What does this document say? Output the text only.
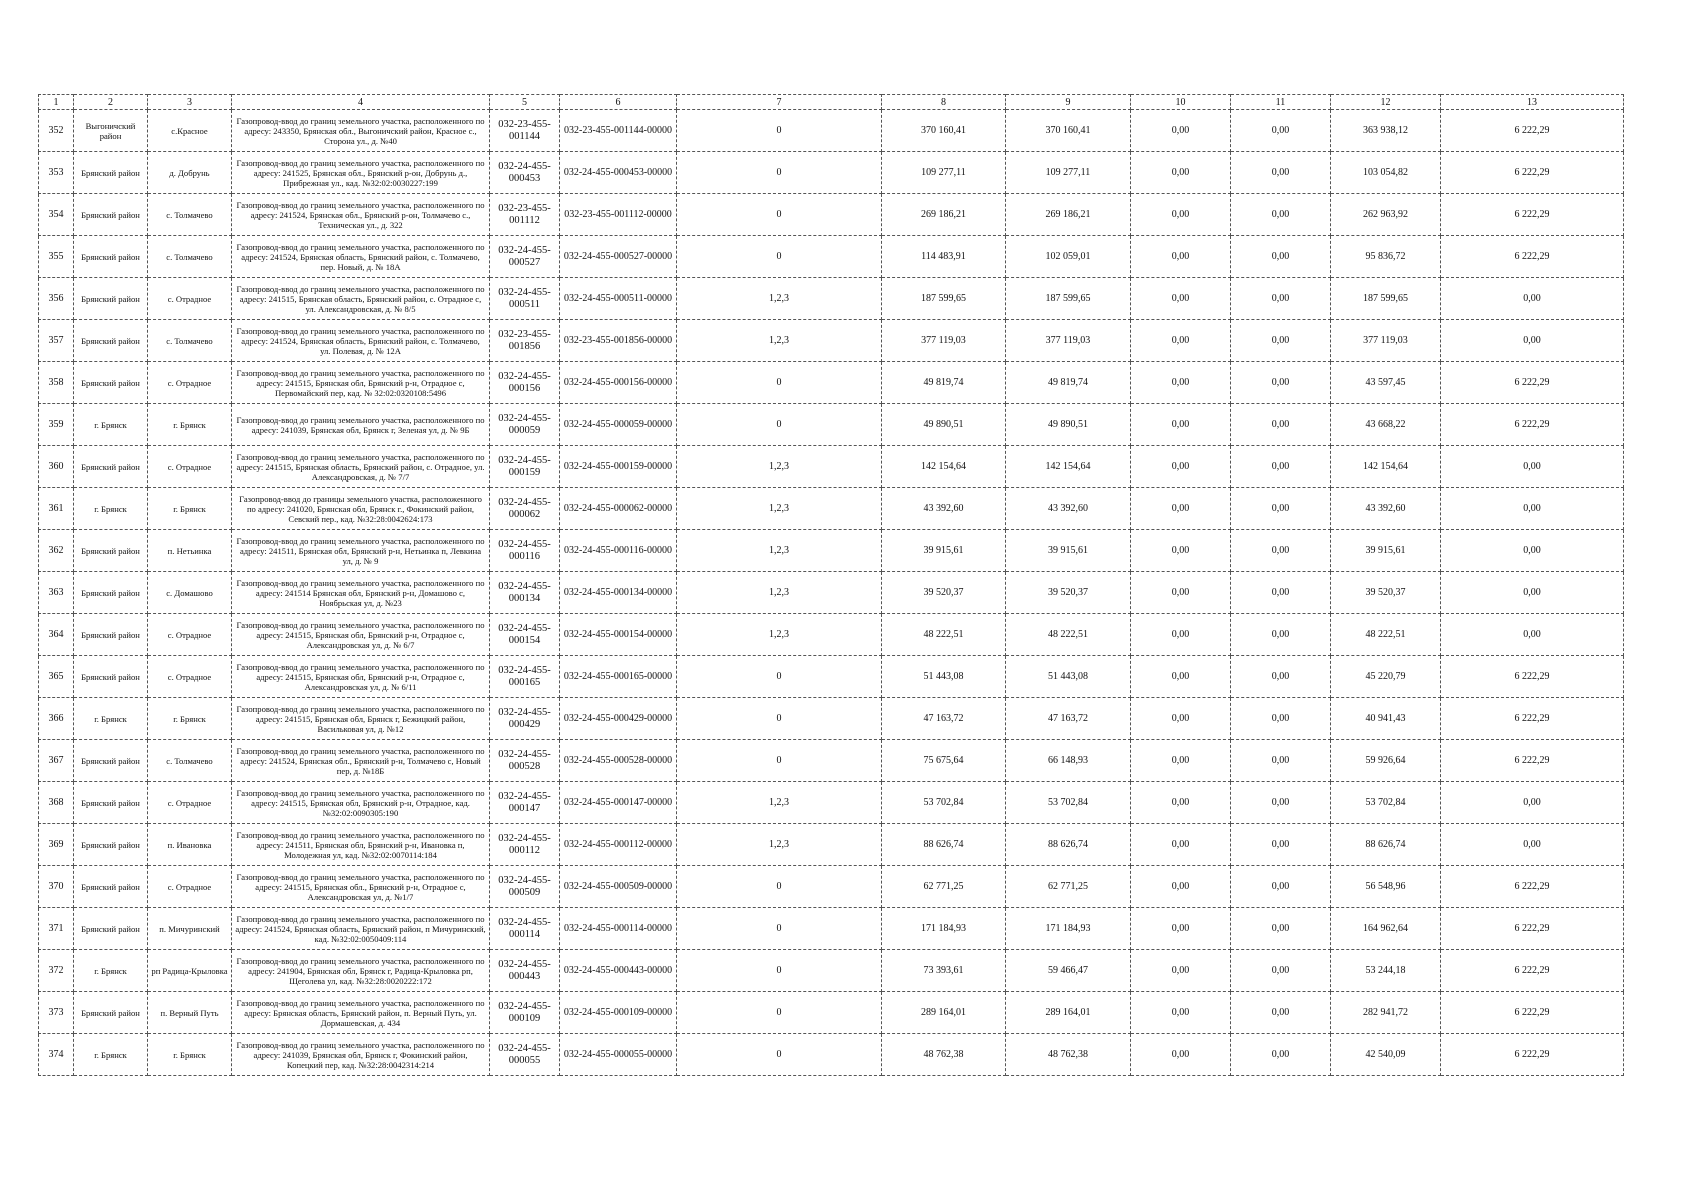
1	2	3	4	5	6	7	8	9	10	11	12	13
352	Выгоничский район	с.Красное	Газопровод-ввод до границ земельного участка, расположенного по адресу: 243350, Брянская обл., Выгоничский район, Красное с., Сторона ул., д. №40	032-23-455-001144	032-23-455-001144-00000	0	370 160,41	370 160,41	0,00	0,00	363 938,12	6 222,29
353	Брянский район	д. Добрунь	Газопровод-ввод до границ земельного участка, расположенного по адресу: 241525, Брянская обл., Брянский р-он, Добрунь д., Прибрежная ул., кад. №32:02:0030227:199	032-24-455-000453	032-24-455-000453-00000	0	109 277,11	109 277,11	0,00	0,00	103 054,82	6 222,29
354	Брянский район	с. Толмачево	Газопровод-ввод до границ земельного участка, расположенного по адресу: 241524, Брянская обл., Брянский р-он, Толмачево с., Техническая ул., д. 322	032-23-455-001112	032-23-455-001112-00000	0	269 186,21	269 186,21	0,00	0,00	262 963,92	6 222,29
355	Брянский район	с. Толмачево	Газопровод-ввод до границ земельного участка, расположенного по адресу: 241524, Брянская область, Брянский район, с. Толмачево, пер. Новый, д. № 18А	032-24-455-000527	032-24-455-000527-00000	0	114 483,91	102 059,01	0,00	0,00	95 836,72	6 222,29
356	Брянский район	с. Отрадное	Газопровод-ввод до границ земельного участка, расположенного по адресу: 241515, Брянская область, Брянский район, с. Отрадное с, ул. Александровская, д. № 8/5	032-24-455-000511	032-24-455-000511-00000	1,2,3	187 599,65	187 599,65	0,00	0,00	187 599,65	0,00
357	Брянский район	с. Толмачево	Газопровод-ввод до границ земельного участка, расположенного по адресу: 241524, Брянская область, Брянский район, с. Толмачево, ул. Полевая, д. № 12А	032-23-455-001856	032-23-455-001856-00000	1,2,3	377 119,03	377 119,03	0,00	0,00	377 119,03	0,00
358	Брянский район	с. Отрадное	Газопровод-ввод до границ земельного участка, расположенного по адресу: 241515, Брянская обл, Брянский р-н, Отрадное с, Первомайский пер, кад. № 32:02:0320108:5496	032-24-455-000156	032-24-455-000156-00000	0	49 819,74	49 819,74	0,00	0,00	43 597,45	6 222,29
359	г. Брянск	г. Брянск	Газопровод-ввод до границ земельного участка, расположенного по адресу: 241039, Брянская обл, Брянск г, Зеленая ул, д. № 9Б	032-24-455-000059	032-24-455-000059-00000	0	49 890,51	49 890,51	0,00	0,00	43 668,22	6 222,29
360	Брянский район	с. Отрадное	Газопровод-ввод до границ земельного участка, расположенного по адресу: 241515, Брянская область, Брянский район, с. Отрадное, ул. Александровская, д. № 7/7	032-24-455-000159	032-24-455-000159-00000	1,2,3	142 154,64	142 154,64	0,00	0,00	142 154,64	0,00
361	г. Брянск	г. Брянск	Газопровод-ввод до границы земельного участка, расположенного по адресу: 241020, Брянская обл, Брянск г., Фокинский район, Севский пер., кад. №32:28:0042624:173	032-24-455-000062	032-24-455-000062-00000	1,2,3	43 392,60	43 392,60	0,00	0,00	43 392,60	0,00
362	Брянский район	п. Нетьинка	Газопровод-ввод до границ земельного участка, расположенного по адресу: 241511, Брянская обл, Брянский р-н, Нетьинка п, Левкина ул, д. № 9	032-24-455-000116	032-24-455-000116-00000	1,2,3	39 915,61	39 915,61	0,00	0,00	39 915,61	0,00
363	Брянский район	с. Домашово	Газопровод-ввод до границ земельного участка, расположенного по адресу: 241514 Брянская обл, Брянский р-н, Домашово с, Ноябрьская ул, д. №23	032-24-455-000134	032-24-455-000134-00000	1,2,3	39 520,37	39 520,37	0,00	0,00	39 520,37	0,00
364	Брянский район	с. Отрадное	Газопровод-ввод до границ земельного участка, расположенного по адресу: 241515, Брянская обл, Брянский р-н, Отрадное с, Александровская ул, д. № 6/7	032-24-455-000154	032-24-455-000154-00000	1,2,3	48 222,51	48 222,51	0,00	0,00	48 222,51	0,00
365	Брянский район	с. Отрадное	Газопровод-ввод до границ земельного участка, расположенного по адресу: 241515, Брянская обл, Брянский р-н, Отрадное с, Александровская ул, д. № 6/11	032-24-455-000165	032-24-455-000165-00000	0	51 443,08	51 443,08	0,00	0,00	45 220,79	6 222,29
366	г. Брянск	г. Брянск	Газопровод-ввод до границ земельного участка, расположенного по адресу: 241515, Брянская обл, Брянск г, Бежицкий район, Васильковая ул, д. №12	032-24-455-000429	032-24-455-000429-00000	0	47 163,72	47 163,72	0,00	0,00	40 941,43	6 222,29
367	Брянский район	с. Толмачево	Газопровод-ввод до границ земельного участка, расположенного по адресу: 241524, Брянская обл., Брянский р-н, Толмачево с, Новый пер, д. №18Б	032-24-455-000528	032-24-455-000528-00000	0	75 675,64	66 148,93	0,00	0,00	59 926,64	6 222,29
368	Брянский район	с. Отрадное	Газопровод-ввод до границ земельного участка, расположенного по адресу: 241515, Брянская обл, Брянский р-н, Отрадное, кад. №32:02:0090305:190	032-24-455-000147	032-24-455-000147-00000	1,2,3	53 702,84	53 702,84	0,00	0,00	53 702,84	0,00
369	Брянский район	п. Ивановка	Газопровод-ввод до границ земельного участка, расположенного по адресу: 241511, Брянская обл, Брянский р-н, Ивановка п, Молодежная ул, кад. №32:02:0070114:184	032-24-455-000112	032-24-455-000112-00000	1,2,3	88 626,74	88 626,74	0,00	0,00	88 626,74	0,00
370	Брянский район	с. Отрадное	Газопровод-ввод до границ земельного участка, расположенного по адресу: 241515, Брянская обл., Брянский р-н, Отрадное с, Александровская ул, д. №1/7	032-24-455-000509	032-24-455-000509-00000	0	62 771,25	62 771,25	0,00	0,00	56 548,96	6 222,29
371	Брянский район	п. Мичуринский	Газопровод-ввод до границ земельного участка, расположенного по адресу: 241524, Брянская область, Брянский район, п Мичуринский, кад. №32:02:0050409:114	032-24-455-000114	032-24-455-000114-00000	0	171 184,93	171 184,93	0,00	0,00	164 962,64	6 222,29
372	г. Брянск	рп Радица-Крыловка	Газопровод-ввод до границ земельного участка, расположенного по адресу: 241904, Брянская обл, Брянск г, Радица-Крыловка рп, Щеголева ул, кад. №32:28:0020222:172	032-24-455-000443	032-24-455-000443-00000	0	73 393,61	59 466,47	0,00	0,00	53 244,18	6 222,29
373	Брянский район	п. Верный Путь	Газопровод-ввод до границ земельного участка, расположенного по адресу: Брянская область, Брянский район, п. Верный Путь, ул. Дормашевская, д. 434	032-24-455-000109	032-24-455-000109-00000	0	289 164,01	289 164,01	0,00	0,00	282 941,72	6 222,29
374	г. Брянск	г. Брянск	Газопровод-ввод до границ земельного участка, расположенного по адресу: 241039, Брянская обл, Брянск г, Фокинский район, Копецкий пер, кад. №32:28:0042314:214	032-24-455-000055	032-24-455-000055-00000	0	48 762,38	48 762,38	0,00	0,00	42 540,09	6 222,29
